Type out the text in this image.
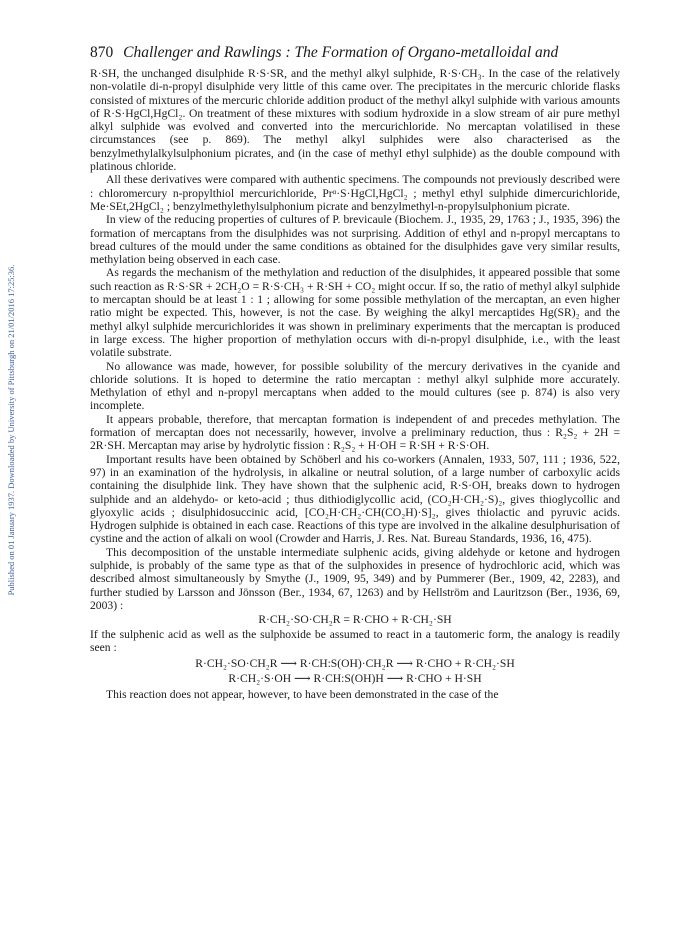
Published on 01 January 1937. Downloaded by University of Pittsburgh on 21/01/2016 17:25:36.
870 Challenger and Rawlings : The Formation of Organo-metalloidal and

R·SH, the unchanged disulphide R·S·SR, and the methyl alkyl sulphide, R·S·CH₃. In the case of the relatively non-volatile di-n-propyl disulphide very little of this came over. The precipitates in the mercuric chloride flasks consisted of mixtures of the mercuric chloride addition product of the methyl alkyl sulphide with various amounts of R·S·HgCl,HgCl₂. On treatment of these mixtures with sodium hydroxide in a slow stream of air pure methyl alkyl sulphide was evolved and converted into the mercurichloride. No mercaptan volatilised in these circumstances (see p. 869). The methyl alkyl sulphides were also characterised as the benzylmethylalkylsulphonium picrates, and (in the case of methyl ethyl sulphide) as the double compound with platinous chloride.

All these derivatives were compared with authentic specimens. The compounds not previously described were : chloromercury n-propylthiol mercurichloride, Prᵅ·S·HgCl,HgCl₂ ; methyl ethyl sulphide dimercurichloride, Me·SEt,2HgCl₂ ; benzylmethylethylsulphonium picrate and benzylmethyl-n-propylsulphonium picrate.

In view of the reducing properties of cultures of P. brevicaule (Biochem. J., 1935, 29, 1763 ; J., 1935, 396) the formation of mercaptans from the disulphides was not surprising. Addition of ethyl and n-propyl mercaptans to bread cultures of the mould under the same conditions as obtained for the disulphides gave very similar results, methylation being observed in each case.

As regards the mechanism of the methylation and reduction of the disulphides, it appeared possible that some such reaction as R·S·SR + 2CH₂O = R·S·CH₃ + R·SH + CO₂ might occur. If so, the ratio of methyl alkyl sulphide to mercaptan should be at least 1 : 1 ; allowing for some possible methylation of the mercaptan, an even higher ratio might be expected. This, however, is not the case. By weighing the alkyl mercaptides Hg(SR)₂ and the methyl alkyl sulphide mercurichlorides it was shown in preliminary experiments that the mercaptan is produced in large excess. The higher proportion of methylation occurs with di-n-propyl disulphide, i.e., with the least volatile substrate.

No allowance was made, however, for possible solubility of the mercury derivatives in the cyanide and chloride solutions. It is hoped to determine the ratio mercaptan : methyl alkyl sulphide more accurately. Methylation of ethyl and n-propyl mercaptans when added to the mould cultures (see p. 874) is also very incomplete.

It appears probable, therefore, that mercaptan formation is independent of and precedes methylation. The formation of mercaptan does not necessarily, however, involve a preliminary reduction, thus : R₂S₂ + 2H = 2R·SH. Mercaptan may arise by hydrolytic fission : R₂S₂ + H·OH = R·SH + R·S·OH.

Important results have been obtained by Schöberl and his co-workers (Annalen, 1933, 507, 111 ; 1936, 522, 97) in an examination of the hydrolysis, in alkaline or neutral solution, of a large number of carboxylic acids containing the disulphide link. They have shown that the sulphenic acid, R·S·OH, breaks down to hydrogen sulphide and an aldehydo- or keto-acid ; thus dithiodiglycollic acid, (CO₂H·CH₂·S)₂, gives thioglycollic and glyoxylic acids ; disulphidosuccinic acid, [CO₂H·CH₂·CH(CO₂H)·S]₂, gives thiolactic and pyruvic acids. Hydrogen sulphide is obtained in each case. Reactions of this type are involved in the alkaline desulphurisation of cystine and the action of alkali on wool (Crowder and Harris, J. Res. Nat. Bureau Standards, 1936, 16, 475).

This decomposition of the unstable intermediate sulphenic acids, giving aldehyde or ketone and hydrogen sulphide, is probably of the same type as that of the sulphoxides in presence of hydrochloric acid, which was described almost simultaneously by Smythe (J., 1909, 95, 349) and by Pummerer (Ber., 1909, 42, 2283), and further studied by Larsson and Jönsson (Ber., 1934, 67, 1263) and by Hellström and Lauritzson (Ber., 1936, 69, 2003) :

R·CH₂·SO·CH₂R = R·CHO + R·CH₂·SH

If the sulphenic acid as well as the sulphoxide be assumed to react in a tautomeric form, the analogy is readily seen :

R·CH₂·SO·CH₂R ⟶ R·CH:S(OH)·CH₂R ⟶ R·CHO + R·CH₂·SH
R·CH₂·S·OH ⟶ R·CH:S(OH)H ⟶ R·CHO + H·SH

This reaction does not appear, however, to have been demonstrated in the case of the
